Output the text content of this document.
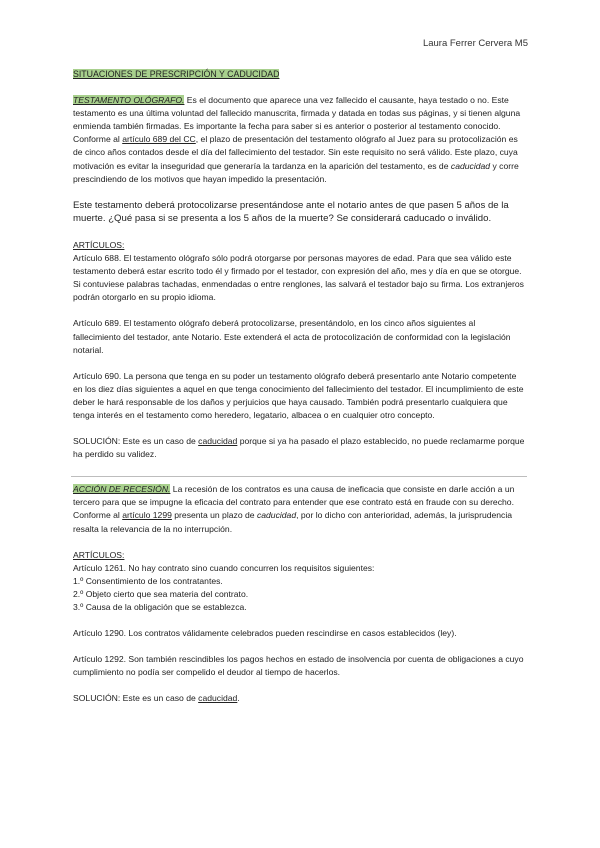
Laura Ferrer Cervera M5

SITUACIONES DE PRESCRIPCIÓN Y CADUCIDAD

TESTAMENTO OLÓGRAFO. Es el documento que aparece una vez fallecido el causante, haya testado o no. Este testamento es una última voluntad del fallecido manuscrita, firmada y datada en todas sus páginas, y si tienen alguna enmienda también firmadas. Es importante la fecha para saber si es anterior o posterior al testamento conocido. Conforme al artículo 689 del CC, el plazo de presentación del testamento ológrafo al Juez para su protocolización es de cinco años contados desde el día del fallecimiento del testador. Sin este requisito no será válido. Este plazo, cuya motivación es evitar la inseguridad que generaría la tardanza en la aparición del testamento, es de caducidad y corre prescindiendo de los motivos que hayan impedido la presentación.

Este testamento deberá protocolizarse presentándose ante el notario antes de que pasen 5 años de la muerte. ¿Qué pasa si se presenta a los 5 años de la muerte? Se considerará caducado o inválido.

ARTÍCULOS:

Artículo 688. El testamento ológrafo sólo podrá otorgarse por personas mayores de edad. Para que sea válido este testamento deberá estar escrito todo él y firmado por el testador, con expresión del año, mes y día en que se otorgue. Si contuviese palabras tachadas, enmendadas o entre renglones, las salvará el testador bajo su firma. Los extranjeros podrán otorgarlo en su propio idioma.

Artículo 689. El testamento ológrafo deberá protocolizarse, presentándolo, en los cinco años siguientes al fallecimiento del testador, ante Notario. Este extenderá el acta de protocolización de conformidad con la legislación notarial.

Artículo 690. La persona que tenga en su poder un testamento ológrafo deberá presentarlo ante Notario competente en los diez días siguientes a aquel en que tenga conocimiento del fallecimiento del testador. El incumplimiento de este deber le hará responsable de los daños y perjuicios que haya causado. También podrá presentarlo cualquiera que tenga interés en el testamento como heredero, legatario, albacea o en cualquier otro concepto.

SOLUCIÓN: Este es un caso de caducidad porque si ya ha pasado el plazo establecido, no puede reclamarme porque ha perdido su validez.

ACCIÓN DE RECESIÓN. La recesión de los contratos es una causa de ineficacia que consiste en darle acción a un tercero para que se impugne la eficacia del contrato para entender que ese contrato está en fraude con su derecho. Conforme al artículo 1299 presenta un plazo de caducidad, por lo dicho con anterioridad, además, la jurisprudencia resalta la relevancia de la no interrupción.

ARTÍCULOS:

Artículo 1261. No hay contrato sino cuando concurren los requisitos siguientes:

1.º Consentimiento de los contratantes.

2.º Objeto cierto que sea materia del contrato.

3.º Causa de la obligación que se establezca.

Artículo 1290. Los contratos válidamente celebrados pueden rescindirse en casos establecidos (ley).

Artículo 1292. Son también rescindibles los pagos hechos en estado de insolvencia por cuenta de obligaciones a cuyo cumplimiento no podía ser compelido el deudor al tiempo de hacerlos.

SOLUCIÓN: Este es un caso de caducidad.
